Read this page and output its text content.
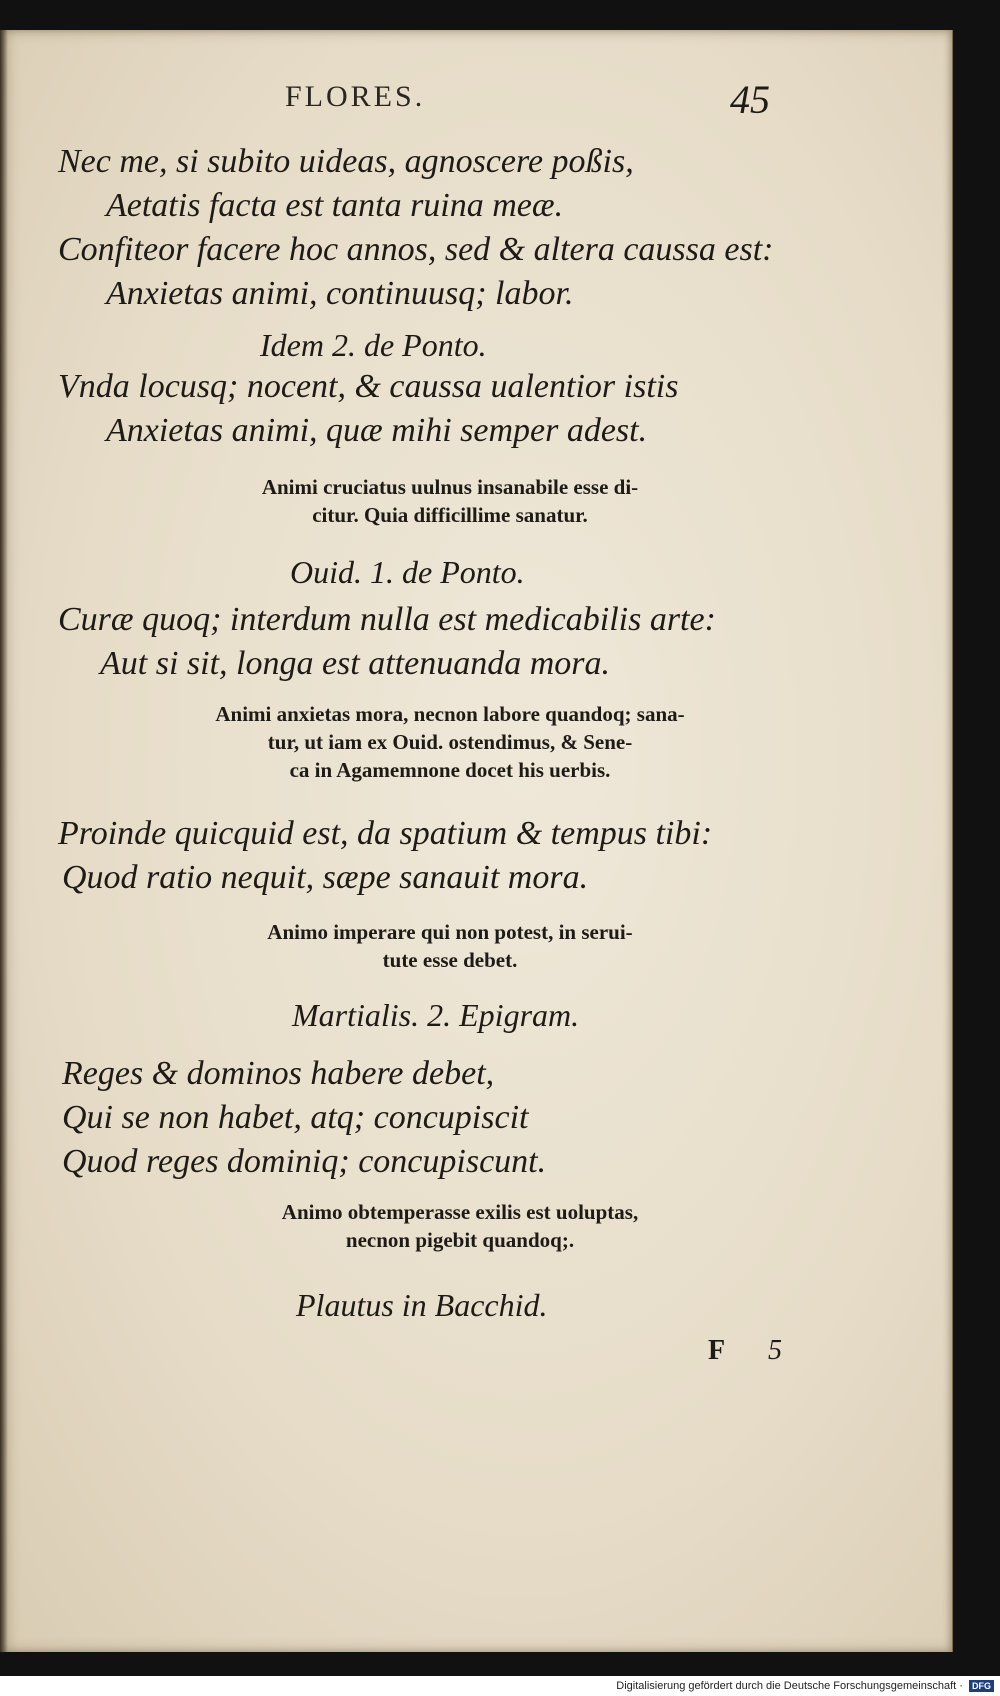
FLORES.	45
Nec me, si subito uideas, agnoscere poßis,
Aetatis facta est tanta ruina meæ.
Confiteor facere hoc annos, sed & altera caussa est:
Anxietas animi, continuusq; labor.
Idem 2. de Ponto.
Vnda locusq; nocent, & caussa ualentior istis
Anxietas animi, quæ mihi semper adest.
Animi cruciatus uulnus insanabile esse di-
citur. Quia difficillime sanatur.
Ouid. 1. de Ponto.
Curæ quoq; interdum nulla est medicabilis arte:
Aut si sit, longa est attenuanda mora.
Animi anxietas mora, necnon labore quandoq; sana-
tur, ut iam ex Ouid. ostendimus, & Sene-
ca in Agamemnone docet his uerbis.
Proinde quicquid est, da spatium & tempus tibi:
Quod ratio nequit, sæpe sanauit mora.
Animo imperare qui non potest, in serui-
tute esse debet.
Martialis. 2. Epigram.
Reges & dominos habere debet,
Qui se non habet, atq; concupiscit
Quod reges dominiq; concupiscunt.
Animo obtemperasse exilis est uoluptas,
necnon pigebit quandoq;.
Plautus in Bacchid.
F 5
Digitalisierung gefördert durch die Deutsche Forschungsgemeinschaft · DFG
